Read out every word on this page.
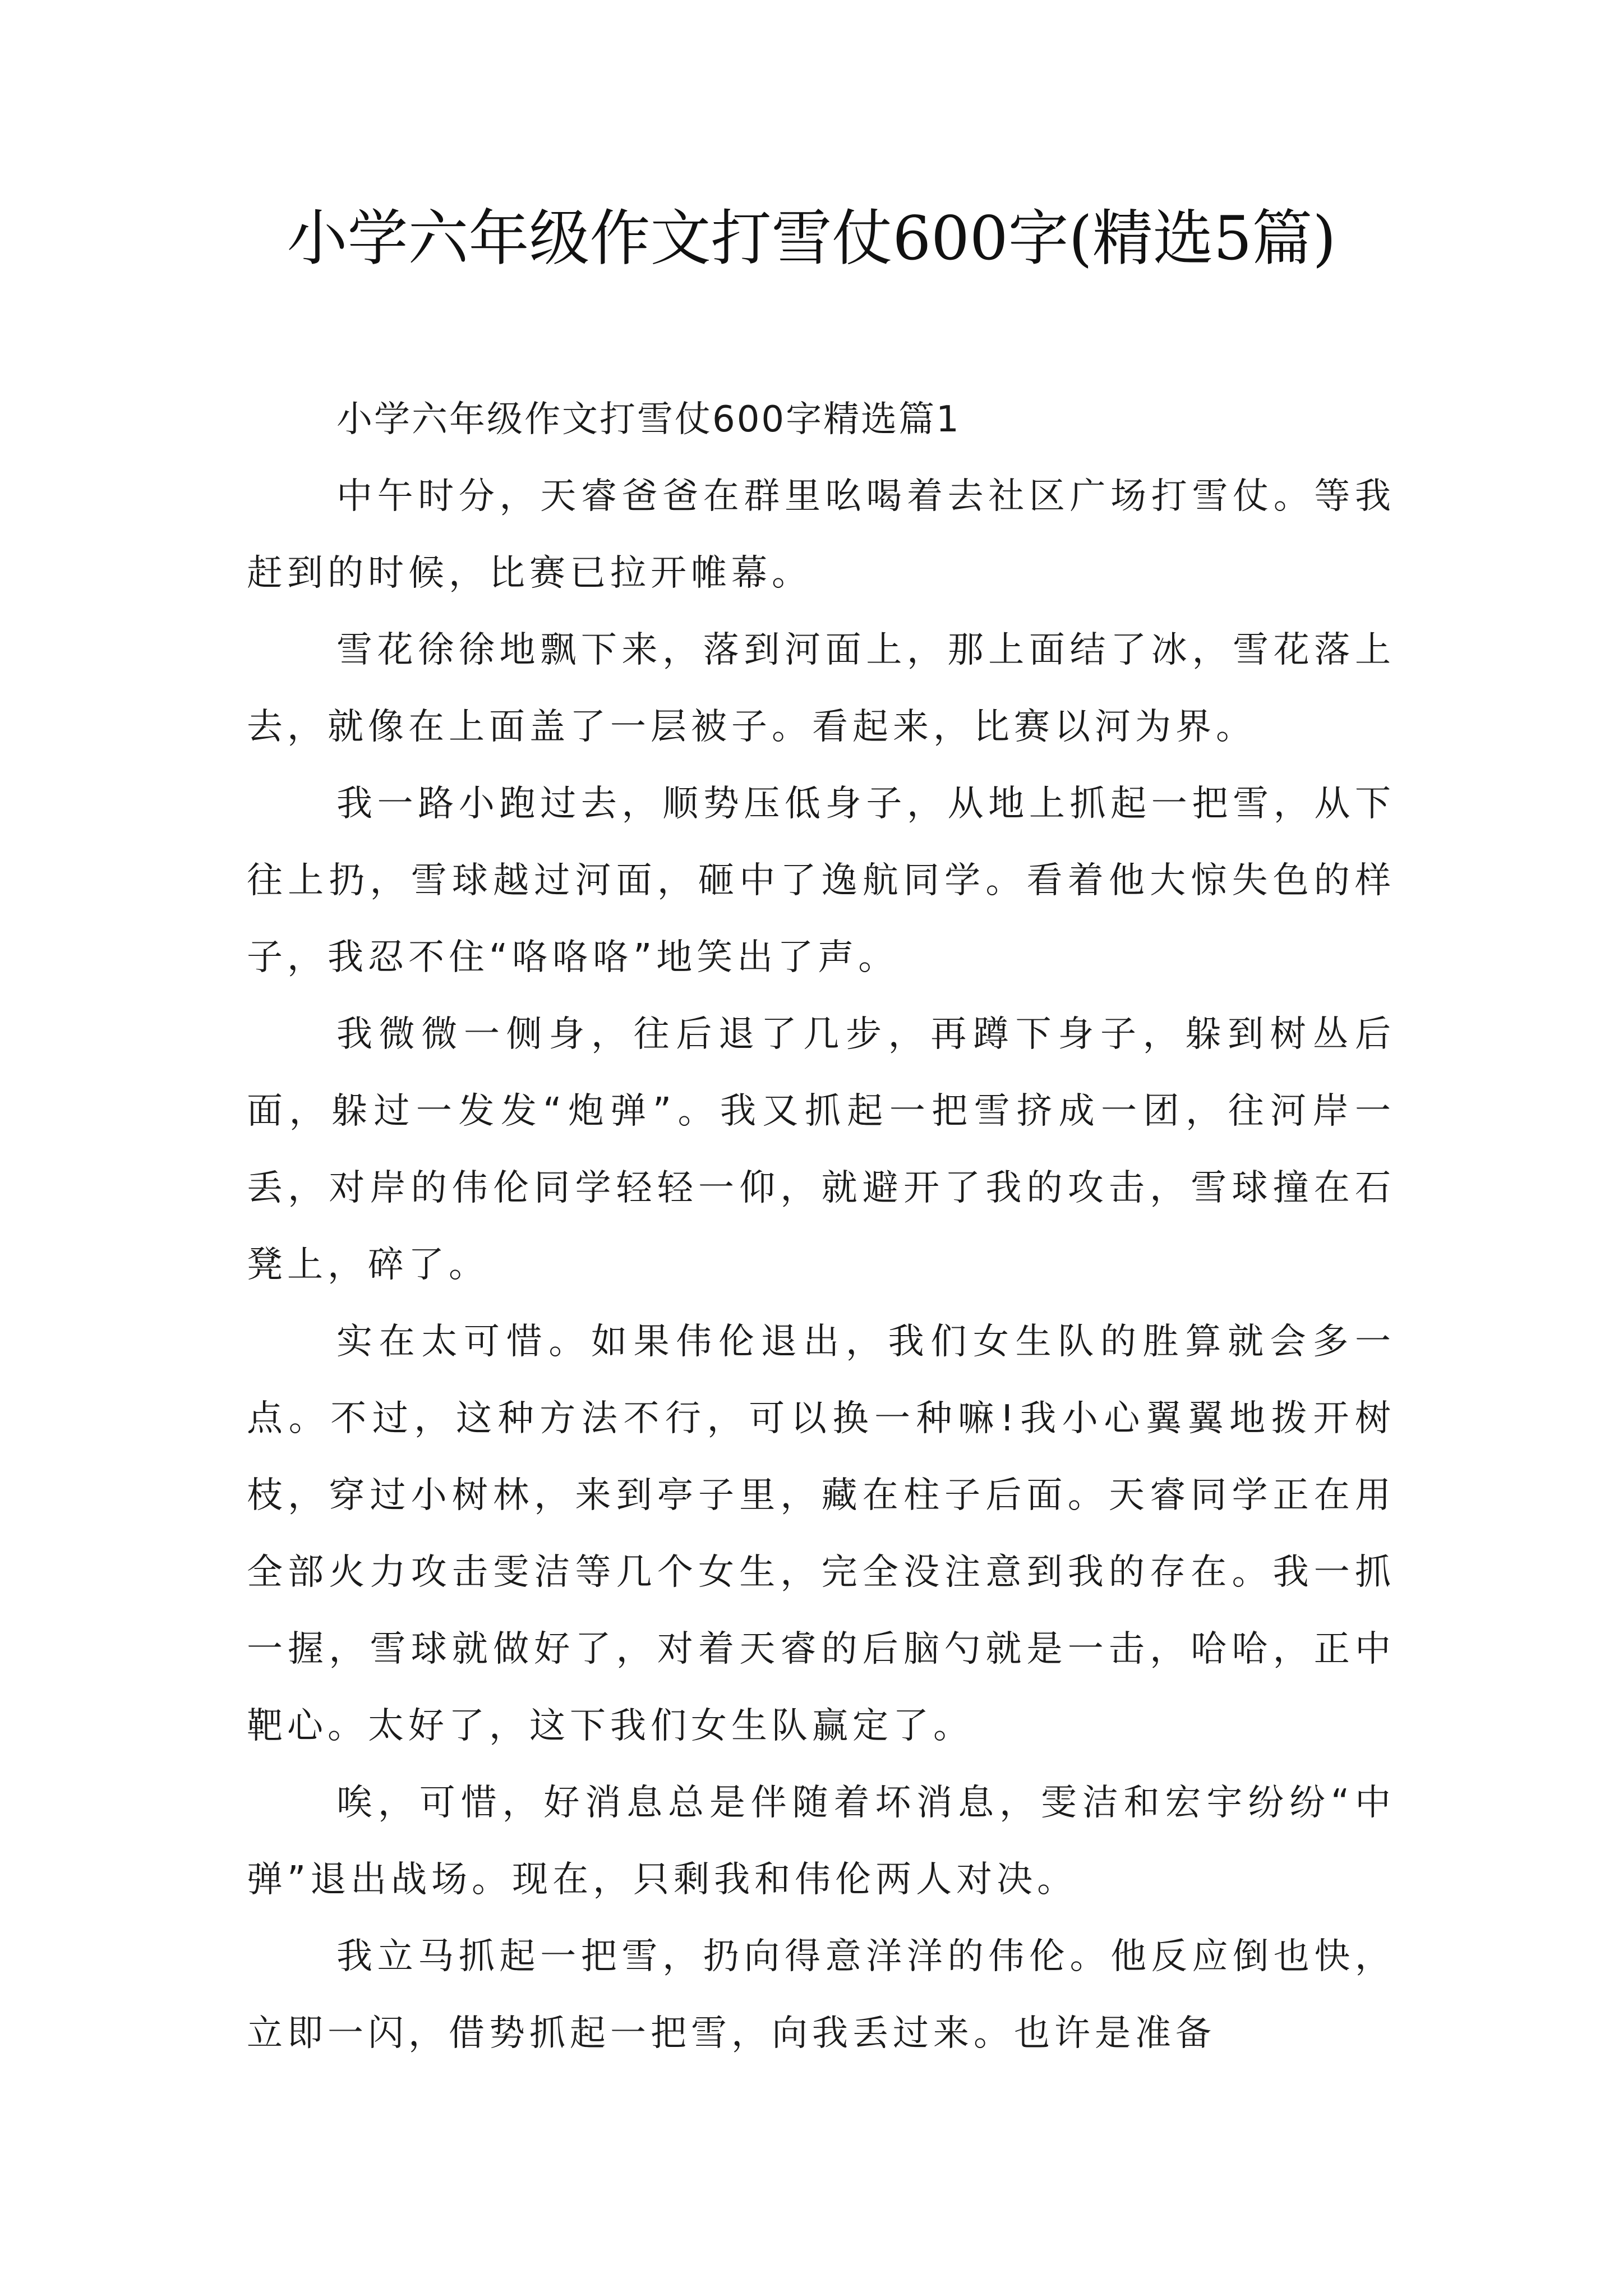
小学六年级作文打雪仗600字(精选5篇)

小学六年级作文打雪仗600字精选篇1

中午时分，天睿爸爸在群里吆喝着去社区广场打雪仗。等我赶到的时候，比赛已拉开帷幕。

雪花徐徐地飘下来，落到河面上，那上面结了冰，雪花落上去，就像在上面盖了一层被子。看起来，比赛以河为界。

我一路小跑过去，顺势压低身子，从地上抓起一把雪，从下往上扔，雪球越过河面，砸中了逸航同学。看着他大惊失色的样子，我忍不住“咯咯咯”地笑出了声。

我微微一侧身，往后退了几步，再蹲下身子，躲到树丛后面，躲过一发发“炮弹”。我又抓起一把雪挤成一团，往河岸一丢，对岸的伟伦同学轻轻一仰，就避开了我的攻击，雪球撞在石凳上，碎了。

实在太可惜。如果伟伦退出，我们女生队的胜算就会多一点。不过，这种方法不行，可以换一种嘛!我小心翼翼地拨开树枝，穿过小树林，来到亭子里，藏在柱子后面。天睿同学正在用全部火力攻击雯洁等几个女生，完全没注意到我的存在。我一抓一握，雪球就做好了，对着天睿的后脑勺就是一击，哈哈，正中靶心。太好了，这下我们女生队赢定了。

唉，可惜，好消息总是伴随着坏消息，雯洁和宏宇纷纷“中弹”退出战场。现在，只剩我和伟伦两人对决。

我立马抓起一把雪，扔向得意洋洋的伟伦。他反应倒也快，立即一闪，借势抓起一把雪，向我丢过来。也许是准备
